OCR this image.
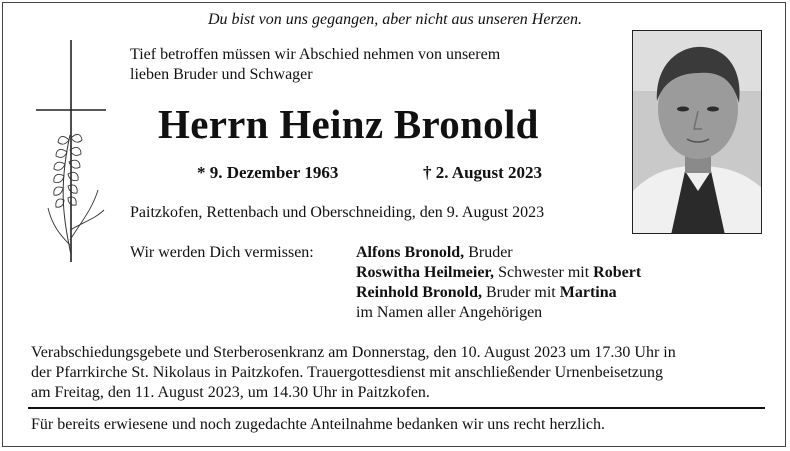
Du bist von uns gegangen, aber nicht aus unseren Herzen.
Tief betroffen müssen wir Abschied nehmen von unserem
lieben Bruder und Schwager
Herrn Heinz Bronold
* 9. Dezember 1963	† 2. August 2023
Paitzkofen, Rettenbach und Oberschneiding, den 9. August 2023
Wir werden Dich vermissen:	Alfons Bronold, Bruder
Roswitha Heilmeier, Schwester mit Robert
Reinhold Bronold, Bruder mit Martina
im Namen aller Angehörigen
Verabschiedungsgebete und Sterberosenkranz am Donnerstag, den 10. August 2023 um 17.30 Uhr in
der Pfarrkirche St. Nikolaus in Paitzkofen. Trauergottesdienst mit anschließender Urnenbeisetzung
am Freitag, den 11. August 2023, um 14.30 Uhr in Paitzkofen.
Für bereits erwiesene und noch zugedachte Anteilnahme bedanken wir uns recht herzlich.
